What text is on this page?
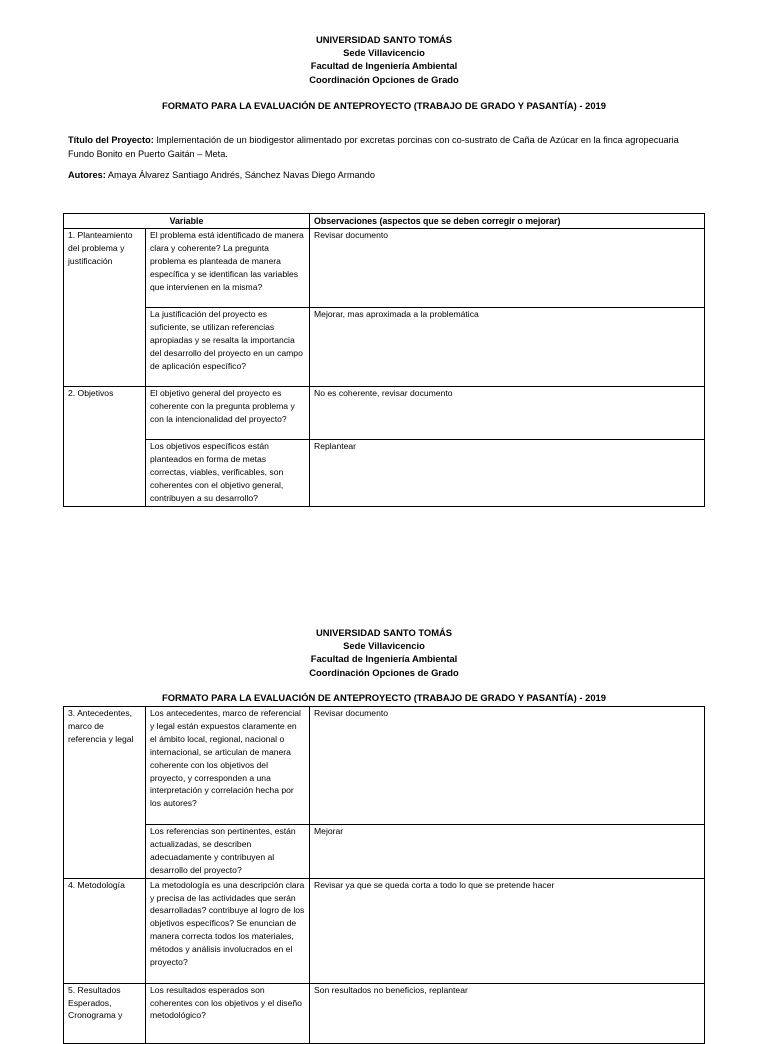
UNIVERSIDAD SANTO TOMÁS
Sede Villavicencio
Facultad de Ingeniería Ambiental
Coordinación Opciones de Grado
FORMATO PARA LA EVALUACIÓN DE ANTEPROYECTO (TRABAJO DE GRADO Y PASANTÍA) - 2019
Título del Proyecto: Implementación de un biodigestor alimentado por excretas porcinas con co-sustrato de Caña de Azúcar en la finca agropecuaria Fundo Bonito en Puerto Gaitán – Meta.
Autores: Amaya Álvarez Santiago Andrés, Sánchez Navas Diego Armando
Variable		Observaciones (aspectos que se deben corregir o mejorar)
1. Planteamiento del problema y justificación	El problema está identificado de manera clara y coherente? La pregunta problema es planteada de manera específica y se identifican las variables que intervienen en la misma?	Revisar documento
	La justificación del proyecto es suficiente, se utilizan referencias apropiadas y se resalta la importancia del desarrollo del proyecto en un campo de aplicación específico?	Mejorar, mas aproximada a la problemática
2. Objetivos	El objetivo general del proyecto es coherente con la pregunta problema y con la intencionalidad del proyecto?	No es coherente, revisar documento
	Los objetivos específicos están planteados en forma de metas correctas, viables, verificables, son coherentes con el objetivo general, contribuyen a su desarrollo?	Replantear
UNIVERSIDAD SANTO TOMÁS
Sede Villavicencio
Facultad de Ingeniería Ambiental
Coordinación Opciones de Grado
FORMATO PARA LA EVALUACIÓN DE ANTEPROYECTO (TRABAJO DE GRADO Y PASANTÍA) - 2019
3. Antecedentes, marco de referencia y legal	Los antecedentes, marco de referencial y legal están expuestos claramente en el ámbito local, regional, nacional o internacional, se articulan de manera coherente con los objetivos del proyecto, y corresponden a una interpretación y correlación hecha por los autores?	Revisar documento
	Los referencias son pertinentes, están actualizadas, se describen adecuadamente y contribuyen al desarrollo del proyecto?	Mejorar
4. Metodología	La metodología es una descripción clara y precisa de las actividades que serán desarrolladas? contribuye al logro de los objetivos específicos? Se enuncian de manera correcta todos los materiales, métodos y análisis involucrados en el proyecto?	Revisar ya que se queda corta a todo lo que se pretende hacer
5. Resultados Esperados, Cronograma y	Los resultados esperados son coherentes con los objetivos y el diseño metodológico?	Son resultados no beneficios, replantear
